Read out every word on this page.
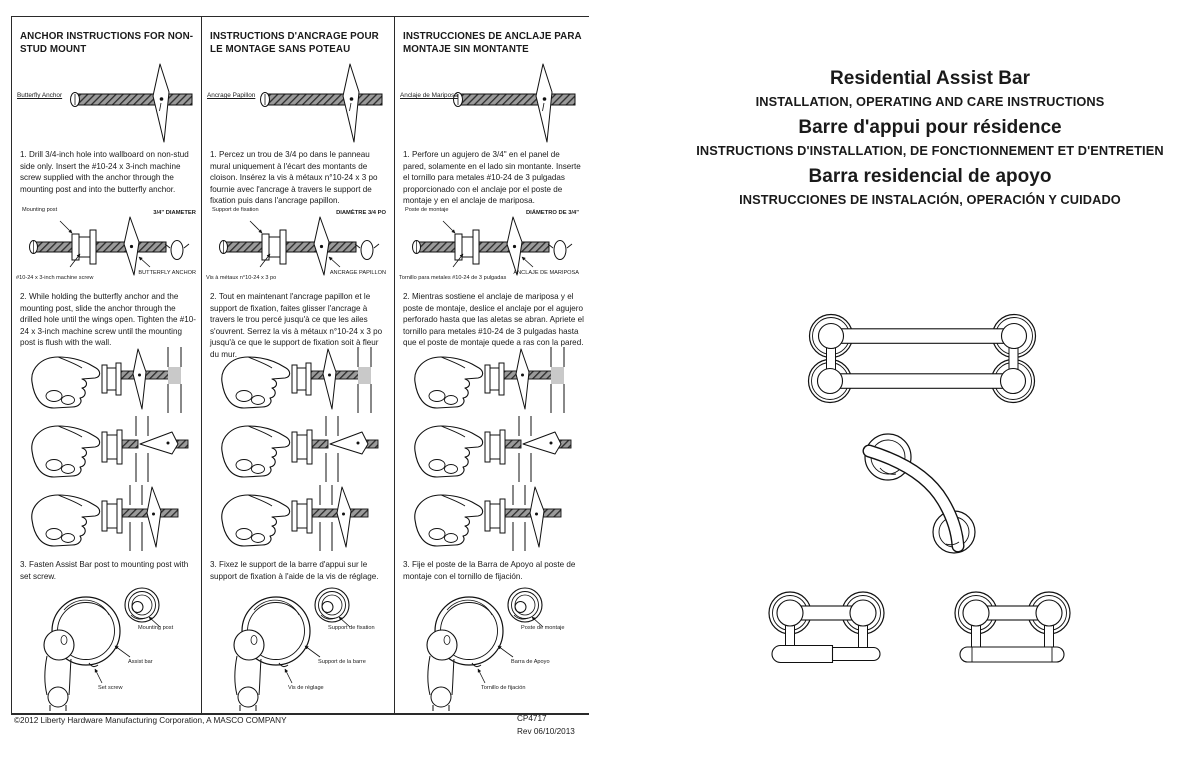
ANCHOR INSTRUCTIONS FOR NON-STUD MOUNT
Butterfly Anchor

1. Drill 3/4-inch hole into wallboard on non-stud side only. Insert the #10-24 x 3-inch machine screw supplied with the anchor through the mounting post and into the butterfly anchor.

Mounting post	3/4" DIAMETER
#10-24 x 3-inch machine screw
BUTTERFLY ANCHOR

2. While holding the butterfly anchor and the mounting post, slide the anchor through the drilled hole until the wings open. Tighten the #10-24 x 3-inch machine screw until the mounting post is flush with the wall.

3. Fasten Assist Bar post to mounting post with set screw.

Mounting post
Assist bar
Set screw
INSTRUCTIONS D'ANCRAGE POUR LE MONTAGE SANS POTEAU
Ancrage Papillon

1. Percez un trou de 3/4 po dans le panneau mural uniquement à l'écart des montants de cloison. Insérez la vis à métaux n°10-24 x 3 po fournie avec l'ancrage à travers le support de fixation puis dans l'ancrage papillon.

Support de fixation	DIAMÈTRE 3/4 PO
Vis à métaux n°10-24 x 3 po
ANCRAGE PAPILLON

2. Tout en maintenant l'ancrage papillon et le support de fixation, faites glisser l'ancrage à travers le trou percé jusqu'à ce que les ailes s'ouvrent. Serrez la vis à métaux n°10-24 x 3 po jusqu'à ce que le support de fixation soit à fleur du mur.

3. Fixez le support de la barre d'appui sur le support de fixation à l'aide de la vis de réglage.

Support de fixation
Support de la barre
Vis de réglage
INSTRUCCIONES DE ANCLAJE PARA MONTAJE SIN MONTANTE
Anclaje de Mariposa

1. Perfore un agujero de 3/4" en el panel de pared, solamente en el lado sin montante. Inserte el tornillo para metales #10-24 de 3 pulgadas proporcionado con el anclaje por el poste de montaje y en el anclaje de mariposa.

Poste de montaje	DIÁMETRO DE 3/4"
Tornillo para metales #10-24 de 3 pulgadas
ANCLAJE DE MARIPOSA

2. Mientras sostiene el anclaje de mariposa y el poste de montaje, deslice el anclaje por el agujero perforado hasta que las aletas se abran. Apriete el tornillo para metales #10-24 de 3 pulgadas hasta que el poste de montaje quede a ras con la pared.

3. Fije el poste de la Barra de Apoyo al poste de montaje con el tornillo de fijación.

Poste de montaje
Barra de Apoyo
Tornillo de fijación
©2012 Liberty Hardware Manufacturing Corporation, A MASCO COMPANY	CP4717
Rev 06/10/2013
Residential Assist Bar
INSTALLATION, OPERATING AND CARE INSTRUCTIONS
Barre d'appui pour résidence
INSTRUCTIONS D'INSTALLATION, DE FONCTIONNEMENT ET D'ENTRETIEN
Barra residencial de apoyo
INSTRUCCIONES DE INSTALACIÓN, OPERACIÓN Y CUIDADO
